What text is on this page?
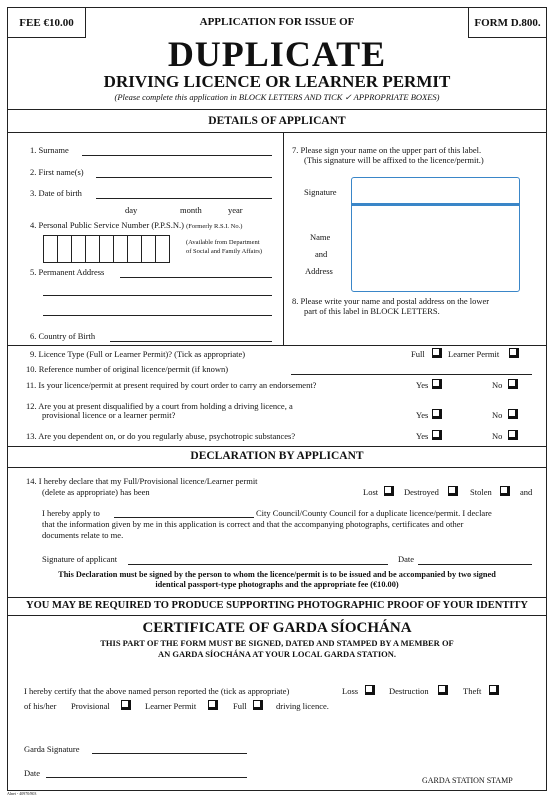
FEE €10.00	FORM D.800.
APPLICATION FOR ISSUE OF
DUPLICATE
DRIVING LICENCE OR LEARNER PERMIT
(Please complete this application in BLOCK LETTERS AND TICK ✓ APPROPRIATE BOXES)
DETAILS OF APPLICANT
1. Surname
2. First name(s)
3. Date of birth
day	month	year
4. Personal Public Service Number (P.P.S.N.) (Formerly R.S.I. No.)
(Available from Department
of Social and Family Affairs)
5. Permanent Address
6. Country of Birth
7. Please sign your name on the upper part of this label.
(This signature will be affixed to the licence/permit.)
Signature
Name
and
Address
8. Please write your name and postal address on the lower
part of this label in BLOCK LETTERS.
9. Licence Type (Full or Learner Permit)? (Tick as appropriate)	Full	Learner Permit
10. Reference number of original licence/permit (if known)
11. Is your licence/permit at present required by court order to carry an endorsement?	Yes	No
12. Are you at present disqualified by a court from holding a driving licence, a
provisional licence or a learner permit?	Yes	No
13. Are you dependent on, or do you regularly abuse, psychotropic substances?	Yes	No
DECLARATION BY APPLICANT
14. I hereby declare that my Full/Provisional licence/Learner permit
(delete as appropriate) has been	Lost	Destroyed	Stolen	and
I hereby apply to	City Council/County Council for a duplicate licence/permit. I declare
that the information given by me in this application is correct and that the accompanying photographs, certificates and other
documents relate to me.
Signature of applicant	Date
This Declaration must be signed by the person to whom the licence/permit is to be issued and be accompanied by two signed
identical passport-type photographs and the appropriate fee (€10.00)
YOU MAY BE REQUIRED TO PRODUCE SUPPORTING PHOTOGRAPHIC PROOF OF YOUR IDENTITY
CERTIFICATE OF GARDA SÍOCHÁNA
THIS PART OF THE FORM MUST BE SIGNED, DATED AND STAMPED BY A MEMBER OF
AN GARDA SÍOCHÁNA AT YOUR LOCAL GARDA STATION.
I hereby certify that the above named person reported the (tick as appropriate)	Loss	Destruction	Theft
of his/her Provisional	Learner Permit	Full	driving licence.
Garda Signature
Date
GARDA STATION STAMP
Alnet - 40970/803
